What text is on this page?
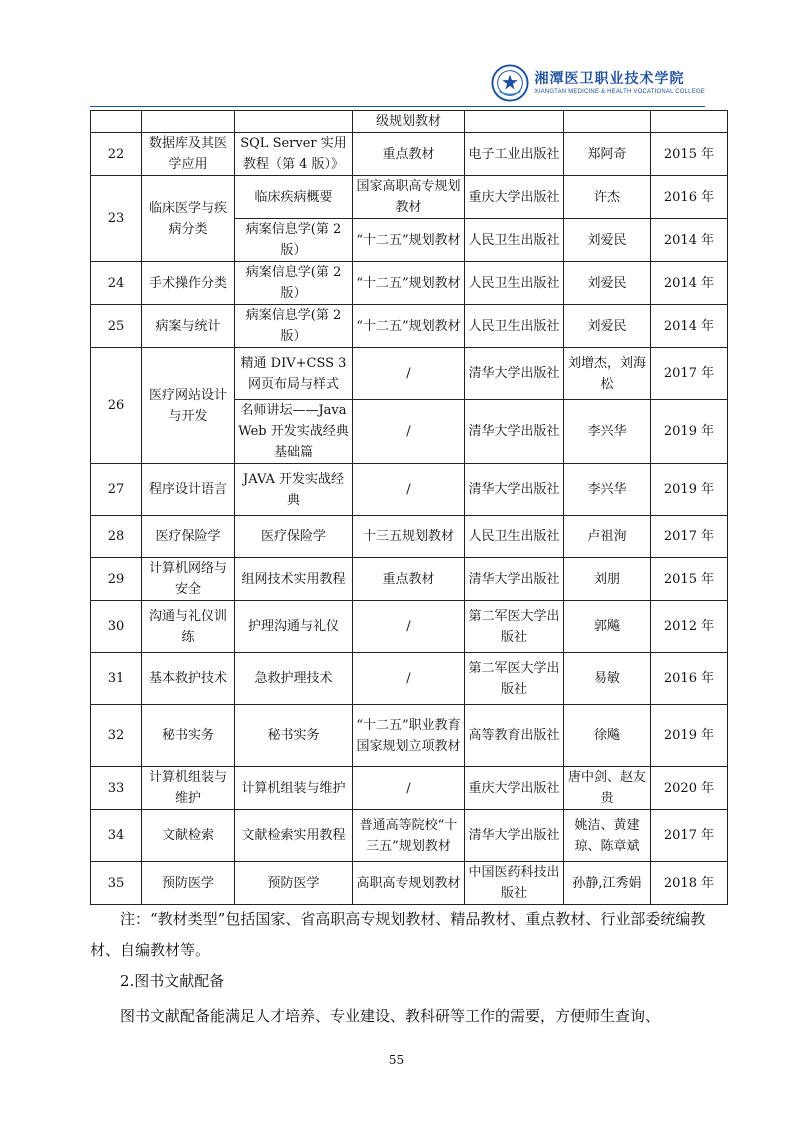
湘潭医卫职业技术学院
XIANGTAN MEDICINE & HEALTH VOCATIONAL COLLEGE
			级规划教材			
22	数据库及其医学应用	SQL Server 实用教程（第 4 版）》	重点教材	电子工业出版社	郑阿奇	2015 年
23	临床医学与疾病分类	临床疾病概要	国家高职高专规划教材	重庆大学出版社	许杰	2016 年
		病案信息学(第 2 版）	“十二五”规划教材	人民卫生出版社	刘爱民	2014 年
24	手术操作分类	病案信息学(第 2 版）	“十二五”规划教材	人民卫生出版社	刘爱民	2014 年
25	病案与统计	病案信息学(第 2 版）	“十二五”规划教材	人民卫生出版社	刘爱民	2014 年
26	医疗网站设计与开发	精通 DIV+CSS 3 网页布局与样式	/	清华大学出版社	刘增杰，刘海松	2017 年
		名师讲坛——Java Web 开发实战经典基础篇	/	清华大学出版社	李兴华	2019 年
27	程序设计语言	JAVA 开发实战经典	/	清华大学出版社	李兴华	2019 年
28	医疗保险学	医疗保险学	十三五规划教材	人民卫生出版社	卢祖洵	2017 年
29	计算机网络与安全	组网技术实用教程	重点教材	清华大学出版社	刘朋	2015 年
30	沟通与礼仪训练	护理沟通与礼仪	/	第二军医大学出版社	郭飚	2012 年
31	基本救护技术	急救护理技术	/	第二军医大学出版社	易敏	2016 年
32	秘书实务	秘书实务	“十二五”职业教育国家规划立项教材	高等教育出版社	徐飚	2019 年
33	计算机组装与维护	计算机组装与维护	/	重庆大学出版社	唐中剑、赵友贵	2020 年
34	文献检索	文献检索实用教程	普通高等院校“十三五”规划教材	清华大学出版社	姚洁、黄建琼、陈章斌	2017 年
35	预防医学	预防医学	高职高专规划教材	中国医药科技出版社	孙静,江秀娟	2018 年

注：“教材类型”包括国家、省高职高专规划教材、精品教材、重点教材、行业部委统编教材、自编教材等。

2.图书文献配备

图书文献配备能满足人才培养、专业建设、教科研等工作的需要，方便师生查询、

55
